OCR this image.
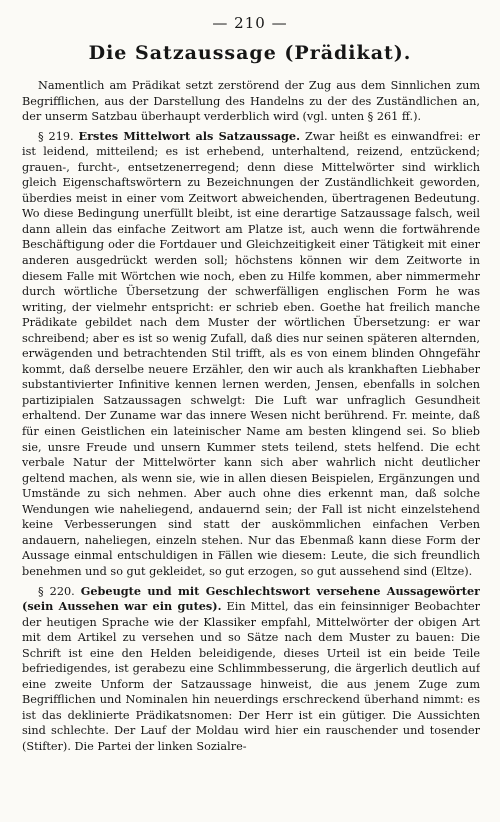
— 210 —
Die Satzaussage (Prädikat).

Namentlich am Prädikat setzt zerstörend der Zug aus dem Sinnlichen zum Begrifflichen, aus der Darstellung des Handelns zu der des Zuständlichen an, der unserm Satzbau überhaupt verderblich wird (vgl. unten § 261 ff.).

§ 219. Erstes Mittelwort als Satzaussage. Zwar heißt es einwandfrei: er ist leidend, mitteilend; es ist erhebend, unterhaltend, reizend, entzückend; grauen-, furcht-, entsetzenerregend; denn diese Mittelwörter sind wirklich gleich Eigenschaftswörtern zu Bezeichnungen der Zuständlichkeit geworden, überdies meist in einer vom Zeitwort abweichenden, übertragenen Bedeutung. Wo diese Bedingung unerfüllt bleibt, ist eine derartige Satzaussage falsch, weil dann allein das einfache Zeitwort am Platze ist, auch wenn die fortwährende Beschäftigung oder die Fortdauer und Gleichzeitigkeit einer Tätigkeit mit einer anderen ausgedrückt werden soll; höchstens können wir dem Zeitworte in diesem Falle mit Wörtchen wie noch, eben zu Hilfe kommen, aber nimmermehr durch wörtliche Übersetzung der schwerfälligen englischen Form he was writing, der vielmehr entspricht: er schrieb eben. Goethe hat freilich manche Prädikate gebildet nach dem Muster der wörtlichen Übersetzung: er war schreibend; aber es ist so wenig Zufall, daß dies nur seinen späteren alternden, erwägenden und betrachtenden Stil trifft, als es von einem blinden Ohngefähr kommt, daß derselbe neuere Erzähler, den wir auch als krankhaften Liebhaber substantivierter Infinitive kennen lernen werden, Jensen, ebenfalls in solchen partizipialen Satzaussagen schwelgt: Die Luft war unfraglich Gesundheit erhaltend. Der Zuname war das innere Wesen nicht berührend. Fr. meinte, daß für einen Geistlichen ein lateinischer Name am besten klingend sei. So blieb sie, unsre Freude und unsern Kummer stets teilend, stets helfend. Die echt verbale Natur der Mittelwörter kann sich aber wahrlich nicht deutlicher geltend machen, als wenn sie, wie in allen diesen Beispielen, Ergänzungen und Umstände zu sich nehmen. Aber auch ohne dies erkennt man, daß solche Wendungen wie naheliegend, andauernd sein; der Fall ist nicht einzelstehend keine Verbesserungen sind statt der auskömmlichen einfachen Verben andauern, naheliegen, einzeln stehen. Nur das Ebenmaß kann diese Form der Aussage einmal entschuldigen in Fällen wie diesem: Leute, die sich freundlich benehmen und so gut gekleidet, so gut erzogen, so gut aussehend sind (Eltze).

§ 220. Gebeugte und mit Geschlechtswort versehene Aussagewörter (sein Aussehen war ein gutes). Ein Mittel, das ein feinsinniger Beobachter der heutigen Sprache wie der Klassiker empfahl, Mittelwörter der obigen Art mit dem Artikel zu versehen und so Sätze nach dem Muster zu bauen: Die Schrift ist eine den Helden beleidigende, dieses Urteil ist ein beide Teile befriedigendes, ist gerabezu eine Schlimmbesserung, die ärgerlich deutlich auf eine zweite Unform der Satzaussage hinweist, die aus jenem Zuge zum Begrifflichen und Nominalen hin neuerdings erschreckend überhand nimmt: es ist das deklinierte Prädikatsnomen: Der Herr ist ein gütiger. Die Aussichten sind schlechte. Der Lauf der Moldau wird hier ein rauschender und tosender (Stifter). Die Partei der linken Sozialre-
